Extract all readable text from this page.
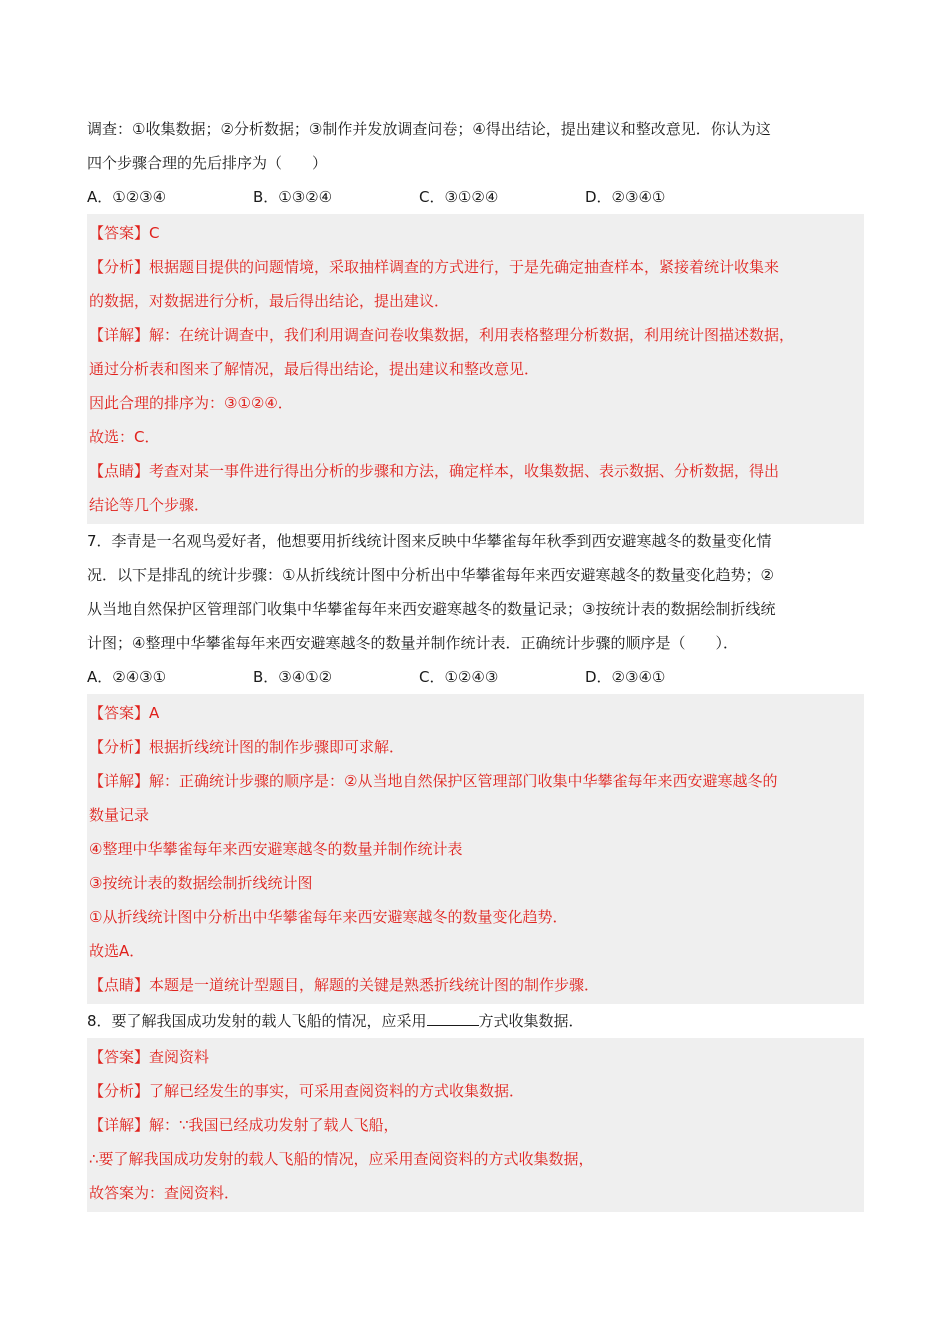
调查：①收集数据；②分析数据；③制作并发放调查问卷；④得出结论，提出建议和整改意见．你认为这

四个步骤合理的先后排序为（　　）

A．①②③④	B．①③②④	C．③①②④	D．②③④①

【答案】C

【分析】根据题目提供的问题情境，采取抽样调查的方式进行，于是先确定抽查样本，紧接着统计收集来

的数据，对数据进行分析，最后得出结论，提出建议．

【详解】解：在统计调查中，我们利用调查问卷收集数据，利用表格整理分析数据，利用统计图描述数据，

通过分析表和图来了解情况，最后得出结论，提出建议和整改意见．

因此合理的排序为：③①②④．

故选：C．

【点睛】考查对某一事件进行得出分析的步骤和方法，确定样本，收集数据、表示数据、分析数据，得出

结论等几个步骤．

7．李青是一名观鸟爱好者，他想要用折线统计图来反映中华攀雀每年秋季到西安避寒越冬的数量变化情

况．以下是排乱的统计步骤：①从折线统计图中分析出中华攀雀每年来西安避寒越冬的数量变化趋势；②

从当地自然保护区管理部门收集中华攀雀每年来西安避寒越冬的数量记录；③按统计表的数据绘制折线统

计图；④整理中华攀雀每年来西安避寒越冬的数量并制作统计表．正确统计步骤的顺序是（　　）．

A．②④③①	B．③④①②	C．①②④③	D．②③④①

【答案】A

【分析】根据折线统计图的制作步骤即可求解．

【详解】解：正确统计步骤的顺序是：②从当地自然保护区管理部门收集中华攀雀每年来西安避寒越冬的

数量记录

④整理中华攀雀每年来西安避寒越冬的数量并制作统计表

③按统计表的数据绘制折线统计图

①从折线统计图中分析出中华攀雀每年来西安避寒越冬的数量变化趋势．

故选A．

【点睛】本题是一道统计型题目，解题的关键是熟悉折线统计图的制作步骤．

8．要了解我国成功发射的载人飞船的情况，应采用	方式收集数据．

【答案】查阅资料

【分析】了解已经发生的事实，可采用查阅资料的方式收集数据．

【详解】解：∵我国已经成功发射了载人飞船，

∴要了解我国成功发射的载人飞船的情况，应采用查阅资料的方式收集数据，

故答案为：查阅资料．
